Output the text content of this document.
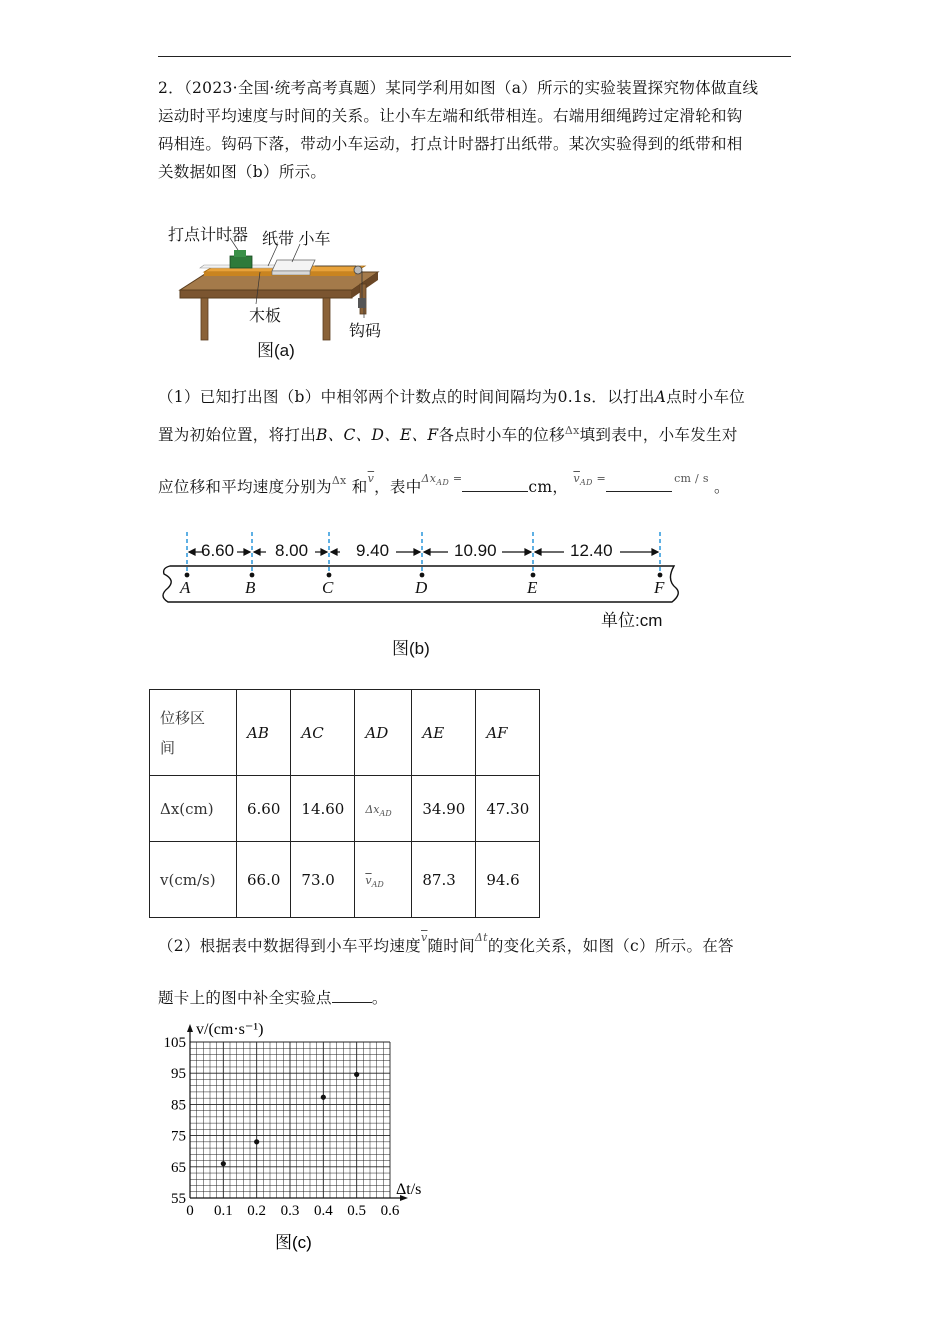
2．（2023·全国·统考高考真题）某同学利用如图（a）所示的实验装置探究物体做直线

运动时平均速度与时间的关系。让小车左端和纸带相连。右端用细绳跨过定滑轮和钩

码相连。钩码下落，带动小车运动，打点计时器打出纸带。某次实验得到的纸带和相

关数据如图（b）所示。

打点计时器 纸带 小车
木板
钩码
图(a)

（1）已知打出图（b）中相邻两个计数点的时间间隔均为0.1s．以打出A点时小车位

置为初始位置，将打出B、C、D、E、F各点时小车的位移$^{\Delta x}$填到表中，小车发生对

应位移和平均速度分别为$^{\Delta x}$ 和$^{\overline{v}}$，表中$^{\Delta x_{AD} =}$	cm， $^{\overline{v}_{AD} =}$	$^{cm / s}$ 。

6.60 8.00	9.40	10.90	12.40
A	B	C	D	E	F
单位:cm
图(b)
位移区
间	AB	AC	AD	AE	AF
Δx(cm)	6.60	14.60	$\Delta x_{AD}$	34.90	47.30
v(cm/s)	66.0	73.0	$\overline{v}_{AD}$	87.3	94.6

（2）根据表中数据得到小车平均速度$^{\overline{v}}$随时间$^{\Delta t}$的变化关系，如图（c）所示。在答

题卡上的图中补全实验点	。

0 0.1 0.2 0.3 0.4 0.5 0.6
55
65
75
85
95
105
v/(cm·s⁻¹)
Δt/s
图(c)
